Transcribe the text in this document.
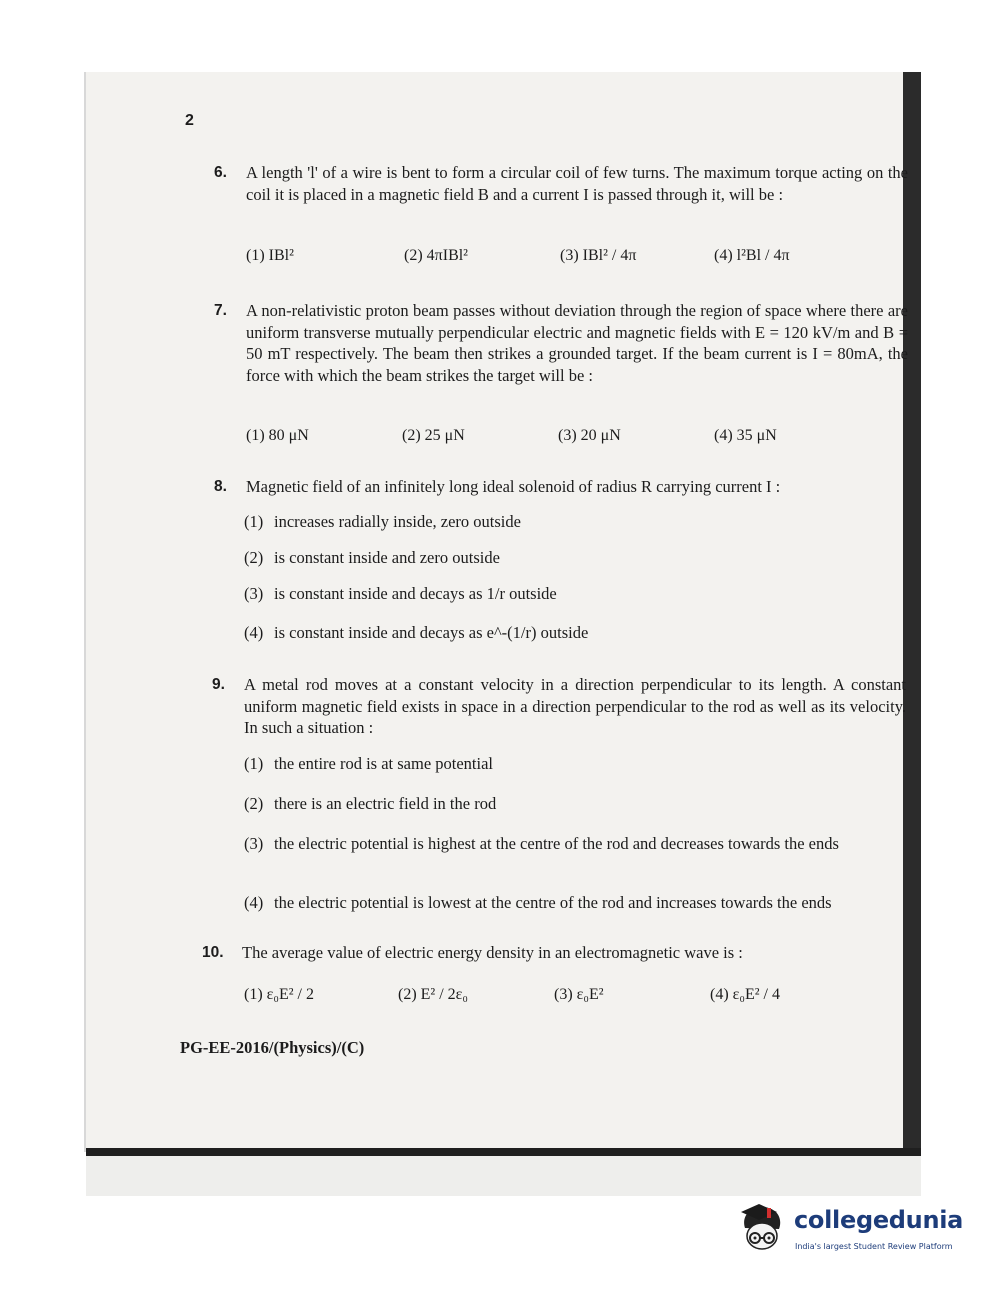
2
6. A length 'l' of a wire is bent to form a circular coil of few turns. The maximum torque acting on the coil it is placed in a magnetic field B and a current I is passed through it, will be :
(1) IBl²	(2) 4πIBl²	(3) IBl² / 4π	(4) l²Bl / 4π
7. A non-relativistic proton beam passes without deviation through the region of space where there are uniform transverse mutually perpendicular electric and magnetic fields with E = 120 kV/m and B = 50 mT respectively. The beam then strikes a grounded target. If the beam current is I = 80mA, the force with which the beam strikes the target will be :
(1) 80 μN	(2) 25 μN	(3) 20 μN	(4) 35 μN
8. Magnetic field of an infinitely long ideal solenoid of radius R carrying current I :
(1) increases radially inside, zero outside
(2) is constant inside and zero outside
(3) is constant inside and decays as 1/r outside
(4) is constant inside and decays as e^-(1/r) outside
9. A metal rod moves at a constant velocity in a direction perpendicular to its length. A constant uniform magnetic field exists in space in a direction perpendicular to the rod as well as its velocity. In such a situation :
(1) the entire rod is at same potential
(2) there is an electric field in the rod
(3) the electric potential is highest at the centre of the rod and decreases towards the ends
(4) the electric potential is lowest at the centre of the rod and increases towards the ends
10. The average value of electric energy density in an electromagnetic wave is :
(1) ε₀E² / 2	(2) E² / 2ε₀	(3) ε₀E²	(4) ε₀E² / 4
PG-EE-2016/(Physics)/(C)
collegedunia
India's largest Student Review Platform
